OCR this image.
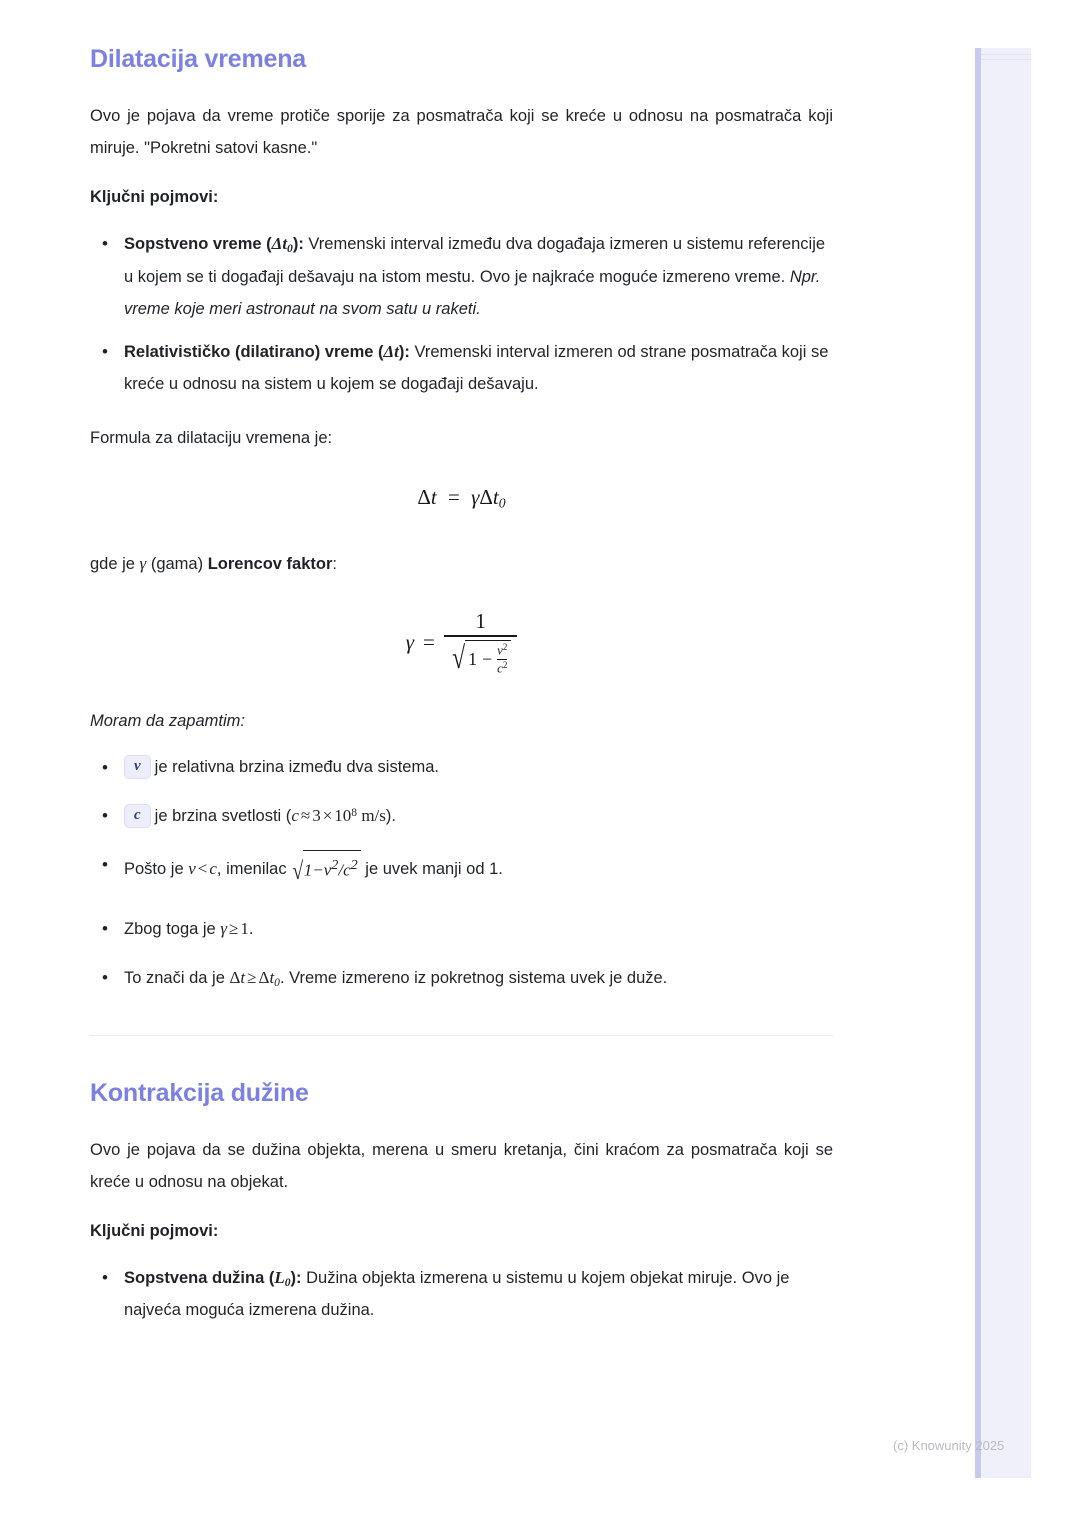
Dilatacija vremena

Ovo je pojava da vreme protiče sporije za posmatrača koji se kreće u odnosu na posmatrača koji miruje. "Pokretni satovi kasne."

Ključni pojmovi:

• Sopstveno vreme $(\Delta t_0)$: Vremenski interval između dva događaja izmeren u sistemu referencije u kojem se ti događaji dešavaju na istom mestu. Ovo je najkraće moguće izmereno vreme. Npr. vreme koje meri astronaut na svom satu u raketi.
• Relativističko (dilatirano) vreme (Δt): Vremenski interval izmeren od strane posmatrača koji se kreće u odnosu na sistem u kojem se događaji dešavaju.

Formula za dilataciju vremena je:

Δt = γΔt$_0$

gde je γ (gama) Lorencov faktor:

γ =
1
√ $1 - v^2$
$c^2$

Moram da zapamtim:

• v je relativna brzina između dva sistema.
• c je brzina svetlosti ($c \approx 3 \times 10^8$ m/s).
• Pošto je v < c, imenilac $√1-v^2/c^2$ je uvek manji od 1.
• Zbog toga je γ ≥ 1.
• To znači da je $\Delta t \ge \Delta t_0$. Vreme izmereno iz pokretnog sistema uvek je duže.
Kontrakcija dužine

Ovo je pojava da se dužina objekta, merena u smeru kretanja, čini kraćom za posmatrača koji se kreće u odnosu na objekat.

Ključni pojmovi:

• Sopstvena dužina $(L_0)$: Dužina objekta izmerena u sistemu u kojem objekat miruje. Ovo je najveća moguća izmerena dužina.
(c) Knowunity 2025
